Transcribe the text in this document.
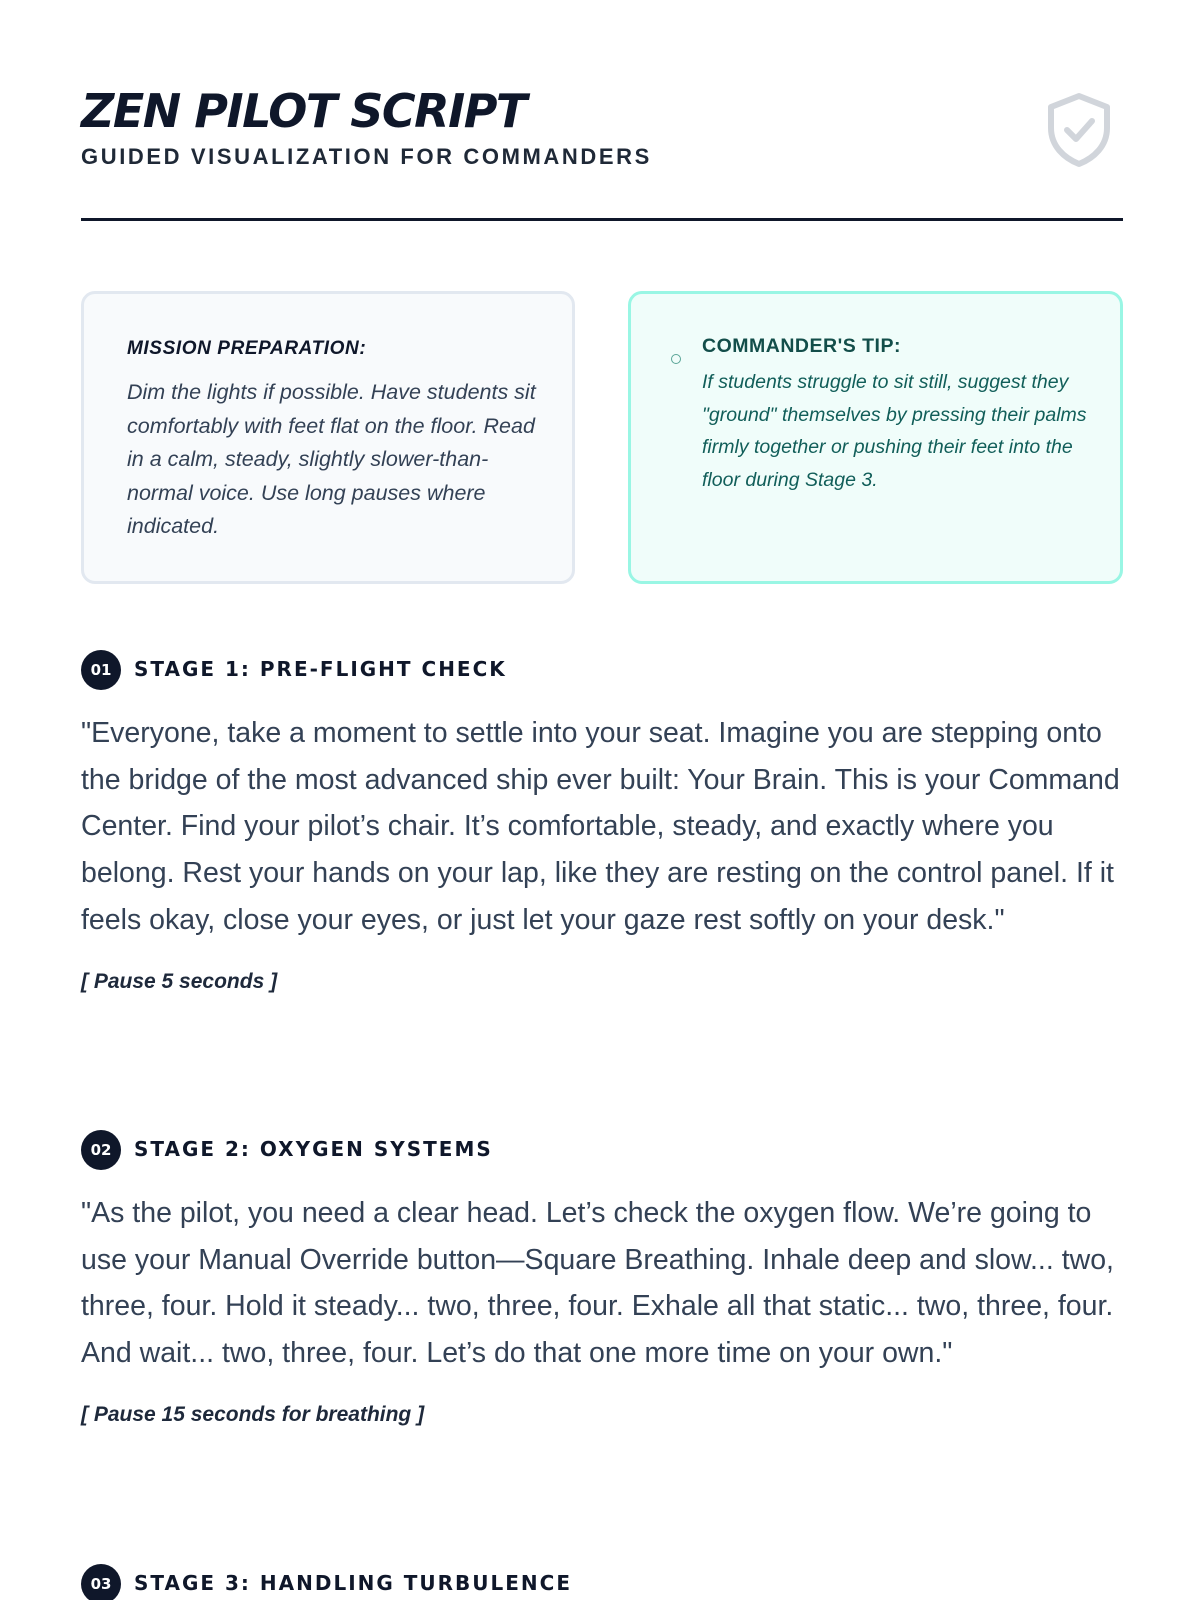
ZEN PILOT SCRIPT
GUIDED VISUALIZATION FOR COMMANDERS
MISSION PREPARATION:
Dim the lights if possible. Have students sit comfortably with feet flat on the floor. Read in a calm, steady, slightly slower-than-normal voice. Use long pauses where indicated.
COMMANDER'S TIP:
If students struggle to sit still, suggest they "ground" themselves by pressing their palms firmly together or pushing their feet into the floor during Stage 3.
01	STAGE 1: PRE-FLIGHT CHECK
"Everyone, take a moment to settle into your seat. Imagine you are stepping onto the bridge of the most advanced ship ever built: Your Brain. This is your Command Center. Find your pilot’s chair. It’s comfortable, steady, and exactly where you belong. Rest your hands on your lap, like they are resting on the control panel. If it feels okay, close your eyes, or just let your gaze rest softly on your desk."
[ Pause 5 seconds ]
02	STAGE 2: OXYGEN SYSTEMS
"As the pilot, you need a clear head. Let’s check the oxygen flow. We’re going to use your Manual Override button—Square Breathing. Inhale deep and slow... two, three, four. Hold it steady... two, three, four. Exhale all that static... two, three, four. And wait... two, three, four. Let’s do that one more time on your own."
[ Pause 15 seconds for breathing ]
03	STAGE 3: HANDLING TURBULENCE
